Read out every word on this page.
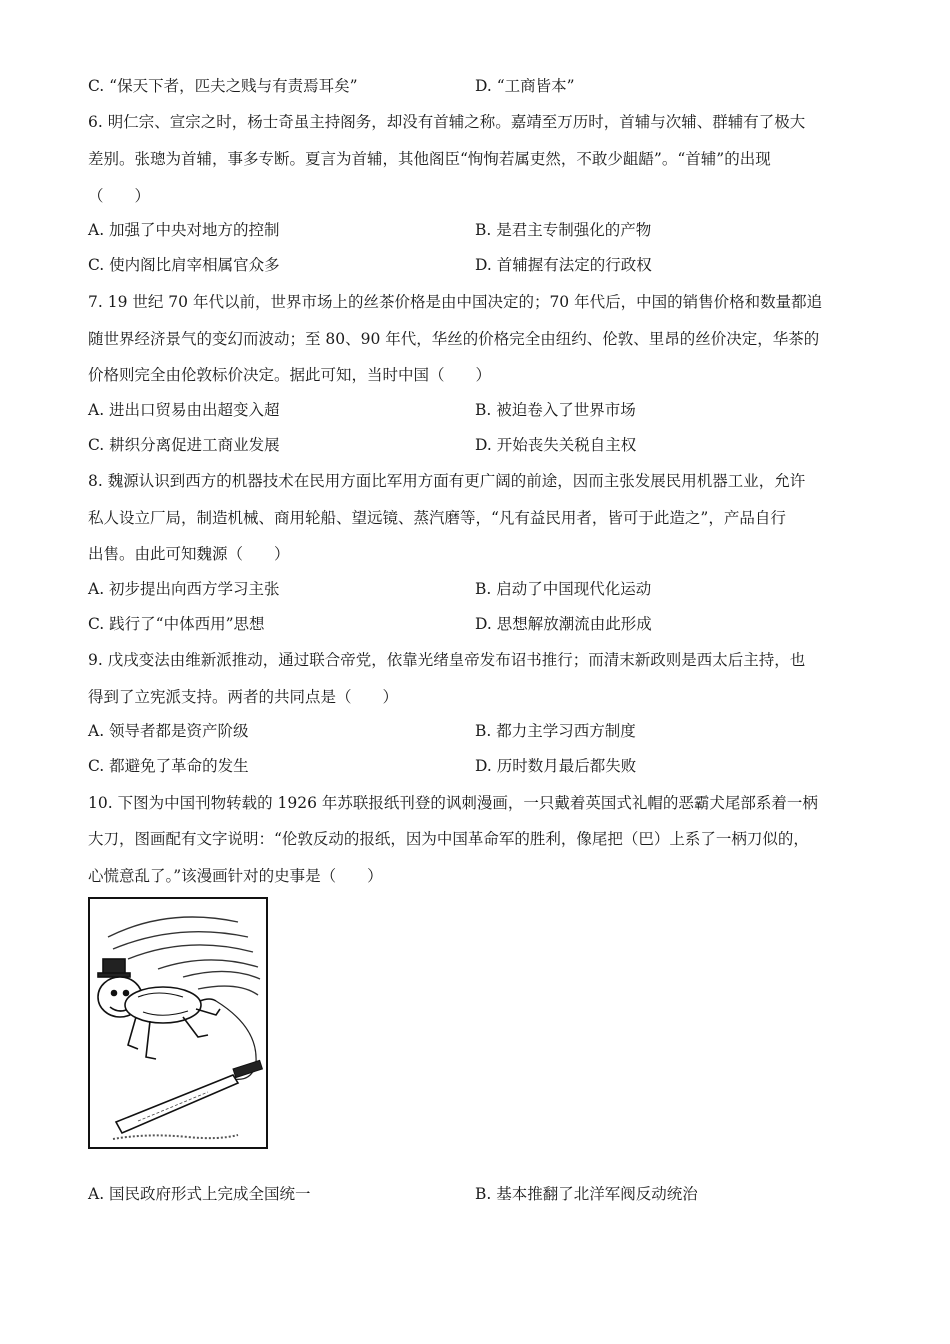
C. “保天下者，匹夫之贱与有责焉耳矣”	D. “工商皆本”
6. 明仁宗、宣宗之时，杨士奇虽主持阁务，却没有首辅之称。嘉靖至万历时，首辅与次辅、群辅有了极大
差别。张璁为首辅，事多专断。夏言为首辅，其他阁臣“恂恂若属吏然，不敢少龃龉”。“首辅”的出现
（　　）
A. 加强了中央对地方的控制	B. 是君主专制强化的产物
C. 使内阁比肩宰相属官众多	D. 首辅握有法定的行政权
7. 19 世纪 70 年代以前，世界市场上的丝茶价格是由中国决定的；70 年代后，中国的销售价格和数量都追
随世界经济景气的变幻而波动；至 80、90 年代，华丝的价格完全由纽约、伦敦、里昂的丝价决定，华茶的
价格则完全由伦敦标价决定。据此可知，当时中国（　　）
A. 进出口贸易由出超变入超	B. 被迫卷入了世界市场
C. 耕织分离促进工商业发展	D. 开始丧失关税自主权
8. 魏源认识到西方的机器技术在民用方面比军用方面有更广阔的前途，因而主张发展民用机器工业，允许
私人设立厂局，制造机械、商用轮船、望远镜、蒸汽磨等，“凡有益民用者，皆可于此造之”，产品自行
出售。由此可知魏源（　　）
A. 初步提出向西方学习主张	B. 启动了中国现代化运动
C. 践行了“中体西用”思想	D. 思想解放潮流由此形成
9. 戊戌变法由维新派推动，通过联合帝党，依靠光绪皇帝发布诏书推行；而清末新政则是西太后主持，也
得到了立宪派支持。两者的共同点是（　　）
A. 领导者都是资产阶级	B. 都力主学习西方制度
C. 都避免了革命的发生	D. 历时数月最后都失败
10. 下图为中国刊物转载的 1926 年苏联报纸刊登的讽刺漫画，一只戴着英国式礼帽的恶霸犬尾部系着一柄
大刀，图画配有文字说明：“伦敦反动的报纸，因为中国革命军的胜利，像尾把（巴）上系了一柄刀似的，
心慌意乱了。”该漫画针对的史事是（　　）
A. 国民政府形式上完成全国统一	B. 基本推翻了北洋军阀反动统治
